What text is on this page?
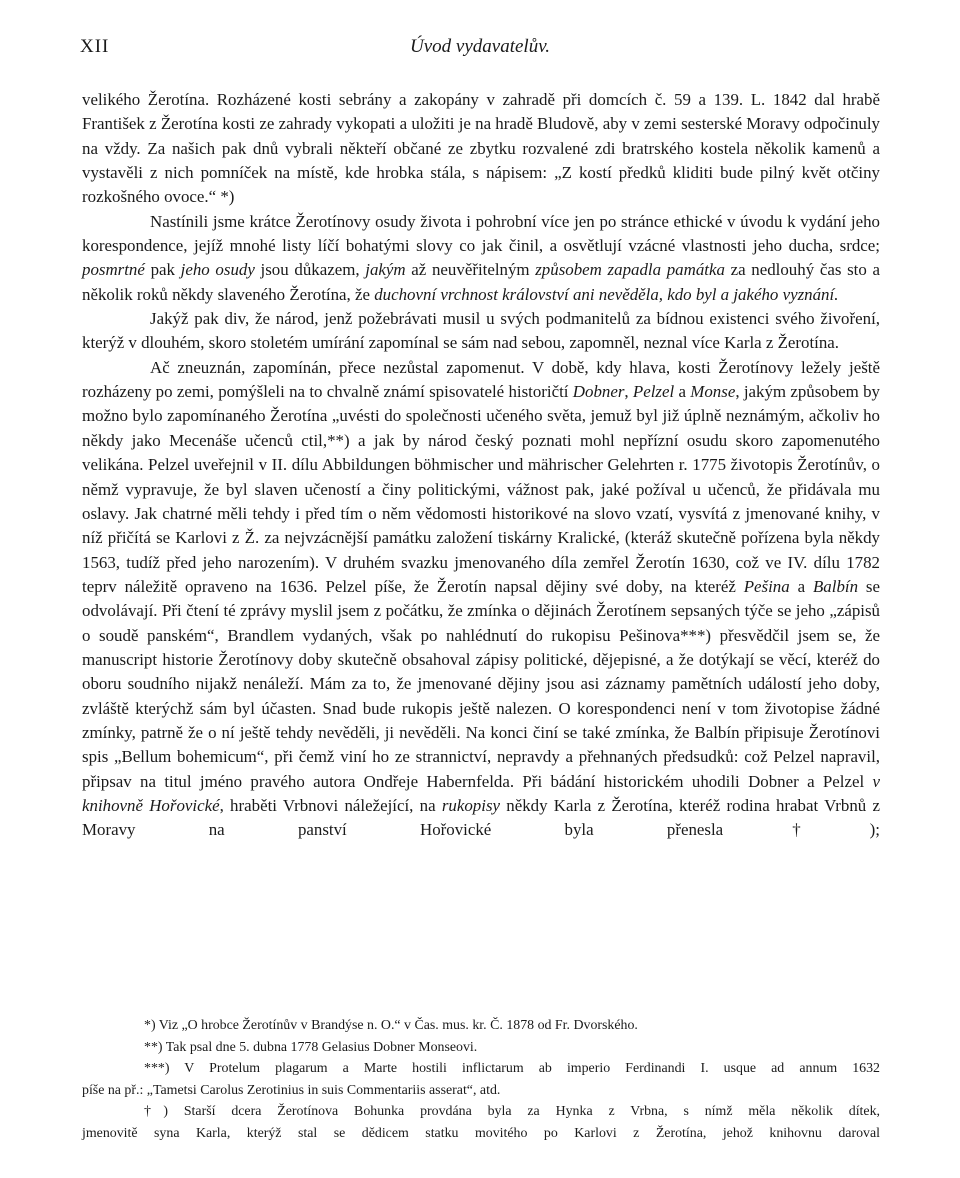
XII	Úvod vydavatelův.

velikého Žerotína. Rozházené kosti sebrány a zakopány v zahradě při domcích č. 59 a 139. L. 1842 dal hrabě František z Žerotína kosti ze zahrady vykopati a uložiti je na hradě Bludově, aby v zemi sesterské Moravy odpočinuly na vždy. Za našich pak dnů vybrali někteří občané ze zbytku rozvalené zdi bratrského kostela několik kamenů a vystavěli z nich pomníček na místě, kde hrobka stála, s nápisem: „Z kostí předků kliditi bude pilný květ otčiny rozkošného ovoce.“ *)

Nastínili jsme krátce Žerotínovy osudy života i pohrobní více jen po stránce ethické v úvodu k vydání jeho korespondence, jejíž mnohé listy líčí bohatými slovy co jak činil, a osvětlují vzácné vlastnosti jeho ducha, srdce; posmrtné pak jeho osudy jsou důkazem, jakým až neuvěřitelným způsobem zapadla památka za nedlouhý čas sto a několik roků někdy slaveného Žerotína, že duchovní vrchnost království ani nevěděla, kdo byl a jakého vyznání.

Jakýž pak div, že národ, jenž požebrávati musil u svých podmanitelů za bídnou existenci svého živoření, kterýž v dlouhém, skoro stoletém umírání zapomínal se sám nad sebou, zapomněl, neznal více Karla z Žerotína.

Ač zneuznán, zapomínán, přece nezůstal zapomenut. V době, kdy hlava, kosti Žerotínovy ležely ještě rozházeny po zemi, pomýšleli na to chvalně známí spisovatelé historičtí Dobner, Pelzel a Monse, jakým způsobem by možno bylo zapomínaného Žerotína „uvésti do společnosti učeného světa, jemuž byl již úplně neznámým, ačkoliv ho někdy jako Mecenáše učenců ctil,**) a jak by národ český poznati mohl nepřízní osudu skoro zapomenutého velikána. Pelzel uveřejnil v II. dílu Abbildungen böhmischer und mährischer Gelehrten r. 1775 životopis Žerotínův, o němž vypravuje, že byl slaven učeností a činy politickými, vážnost pak, jaké požíval u učenců, že přidávala mu oslavy. Jak chatrné měli tehdy i před tím o něm vědomosti historikové na slovo vzatí, vysvítá z jmenované knihy, v níž přičítá se Karlovi z Ž. za nejvzácnější památku založení tiskárny Kralické, (kteráž skutečně pořízena byla někdy 1563, tudíž před jeho narozením). V druhém svazku jmenovaného díla zemřel Žerotín 1630, což ve IV. dílu 1782 teprv náležitě opraveno na 1636. Pelzel píše, že Žerotín napsal dějiny své doby, na kteréž Pešina a Balbín se odvolávají. Při čtení té zprávy myslil jsem z počátku, že zmínka o dějinách Žerotínem sepsaných týče se jeho „zápisů o soudě panském“, Brandlem vydaných, však po nahlédnutí do rukopisu Pešinova***) přesvědčil jsem se, že manuscript historie Žerotínovy doby skutečně obsahoval zápisy politické, dějepisné, a že dotýkají se věcí, kteréž do oboru soudního nijakž nenáleží. Mám za to, že jmenované dějiny jsou asi záznamy pamětních událostí jeho doby, zvláště kterýchž sám byl účasten. Snad bude rukopis ještě nalezen. O korespondenci není v tom životopise žádné zmínky, patrně že o ní ještě tehdy nevěděli, ji nevěděli. Na konci činí se také zmínka, že Balbín připisuje Žerotínovi spis „Bellum bohemicum“, při čemž viní ho ze strannictví, nepravdy a přehnaných předsudků: což Pelzel napravil, připsav na titul jméno pravého autora Ondřeje Habernfelda. Při bádání historickém uhodili Dobner a Pelzel v knihovně Hořovické, hraběti Vrbnovi náležející, na rukopisy někdy Karla z Žerotína, kteréž rodina hrabat Vrbnů z Moravy na panství Hořovické byla přenesla†);

*) Viz „O hrobce Žerotínův v Brandýse n. O.“ v Čas. mus. kr. Č. 1878 od Fr. Dvorského.

**) Tak psal dne 5. dubna 1778 Gelasius Dobner Monseovi.

***) V Protelum plagarum a Marte hostili inflictarum ab imperio Ferdinandi I. usque ad annum 1632

píše na př.: „Tametsi Carolus Zerotinius in suis Commentariis asserat“, atd.

†) Starší dcera Žerotínova Bohunka provdána byla za Hynka z Vrbna, s nímž měla několik dítek,

jmenovitě syna Karla, kterýž stal se dědicem statku movitého po Karlovi z Žerotína, jehož knihovnu daroval
